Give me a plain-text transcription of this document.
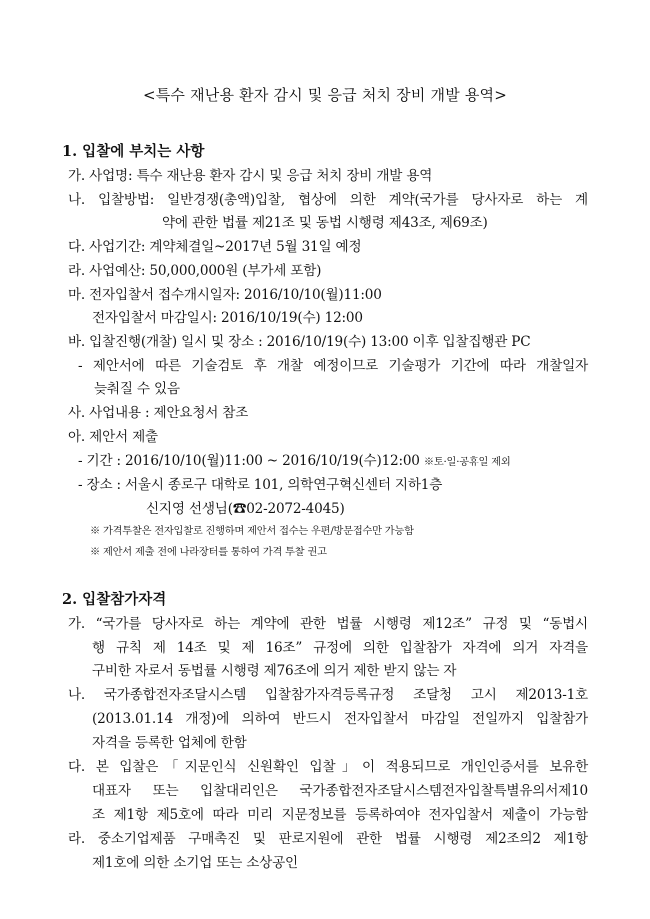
<특수 재난용 환자 감시 및 응급 처치 장비 개발 용역>
1. 입찰에 부치는 사항
가. 사업명: 특수 재난용 환자 감시 및 응급 처치 장비 개발 용역
나. 입찰방법: 일반경쟁(총액)입찰, 협상에 의한 계약(국가를 당사자로 하는 계
약에 관한 법률 제21조 및 동법 시행령 제43조, 제69조)
다. 사업기간: 계약체결일~2017년 5월 31일 예정
라. 사업예산: 50,000,000원 (부가세 포함)
마. 전자입찰서 접수개시일자: 2016/10/10(월)11:00
전자입찰서 마감일시: 2016/10/19(수) 12:00
바. 입찰진행(개찰) 일시 및 장소 : 2016/10/19(수) 13:00 이후 입찰집행관 PC
- 제안서에 따른 기술검토 후 개찰 예정이므로 기술평가 기간에 따라 개찰일자
늦춰질 수 있음
사. 사업내용 : 제안요청서 참조
아. 제안서 제출
- 기간 : 2016/10/10(월)11:00 ~ 2016/10/19(수)12:00 ※토·일·공휴일 제외
- 장소 : 서울시 종로구 대학로 101, 의학연구혁신센터 지하1층
신지영 선생님(☎02-2072-4045)
※ 가격투찰은 전자입찰로 진행하며 제안서 접수는 우편/방문접수만 가능함
※ 제안서 제출 전에 나라장터를 통하여 가격 투찰 권고
2. 입찰참가자격
가. “국가를 당사자로 하는 계약에 관한 법률 시행령 제12조” 규정 및 “동법시
행 규칙 제 14조 및 제 16조” 규정에 의한 입찰참가 자격에 의거 자격을
구비한 자로서 동법률 시행령 제76조에 의거 제한 받지 않는 자
나. 국가종합전자조달시스템 입찰참가자격등록규정 조달청 고시 제2013-1호
(2013.01.14 개정)에 의하여 반드시 전자입찰서 마감일 전일까지 입찰참가
자격을 등록한 업체에 한함
다. 본 입찰은「지문인식 신원확인 입찰」이 적용되므로 개인인증서를 보유한
대표자 또는 입찰대리인은 국가종합전자조달시스템전자입찰특별유의서제10
조 제1항 제5호에 따라 미리 지문정보를 등록하여야 전자입찰서 제출이 가능함
라. 중소기업제품 구매촉진 및 판로지원에 관한 법률 시행령 제2조의2 제1항
제1호에 의한 소기업 또는 소상공인
